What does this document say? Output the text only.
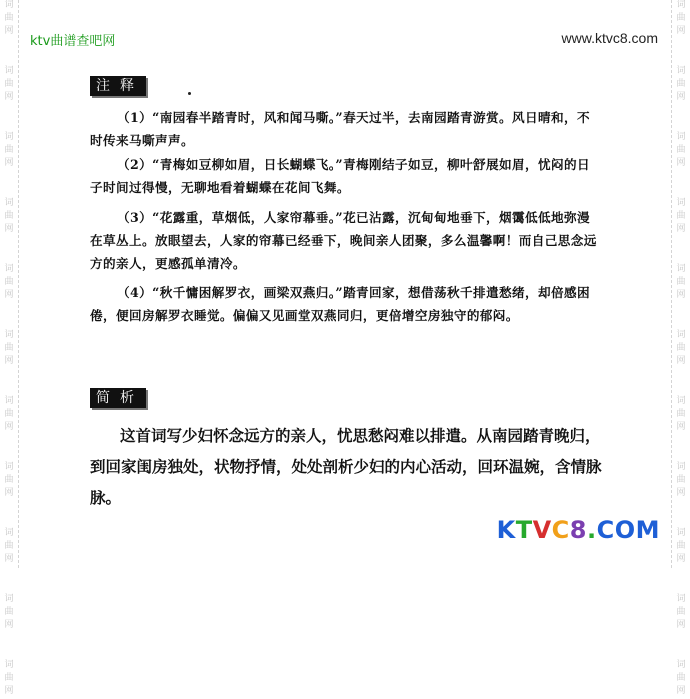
词
曲
网
词
曲
网
词
曲
网
词
曲
网
词
曲
网
词
曲
网
词
曲
网
词
曲
网
词
曲
网
词
曲
网
词
曲
网
词
曲
网
词
曲
网
词
曲
网
词
曲
网
词
曲
网
词
曲
网
词
曲
网
词
曲
网
词
曲
网
词
曲
网
词
曲
网
ktv曲谱查吧网	www.ktvc8.com
注释
（1）“南园春半踏青时，风和闻马嘶。”春天过半，去南园踏青游赏。风日晴和，不时传来马嘶声声。
（2）“青梅如豆柳如眉，日长蝴蝶飞。”青梅刚结子如豆，柳叶舒展如眉，忧闷的日子时间过得慢，无聊地看着蝴蝶在花间飞舞。
（3）“花露重，草烟低，人家帘幕垂。”花已沾露，沉甸甸地垂下，烟霭低低地弥漫在草丛上。放眼望去，人家的帘幕已经垂下，晚间亲人团聚，多么温馨啊！而自己思念远方的亲人，更感孤单清冷。
（4）“秋千慵困解罗衣，画梁双燕归。”踏青回家，想借荡秋千排遣愁绪，却倍感困倦，便回房解罗衣睡觉。偏偏又见画堂双燕同归，更倍增空房独守的郁闷。
简析
这首词写少妇怀念远方的亲人，忧思愁闷难以排遣。从南园踏青晚归，到回家闺房独处，状物抒情，处处剖析少妇的内心活动，回环温婉，含情脉脉。
KTVC8.COM
